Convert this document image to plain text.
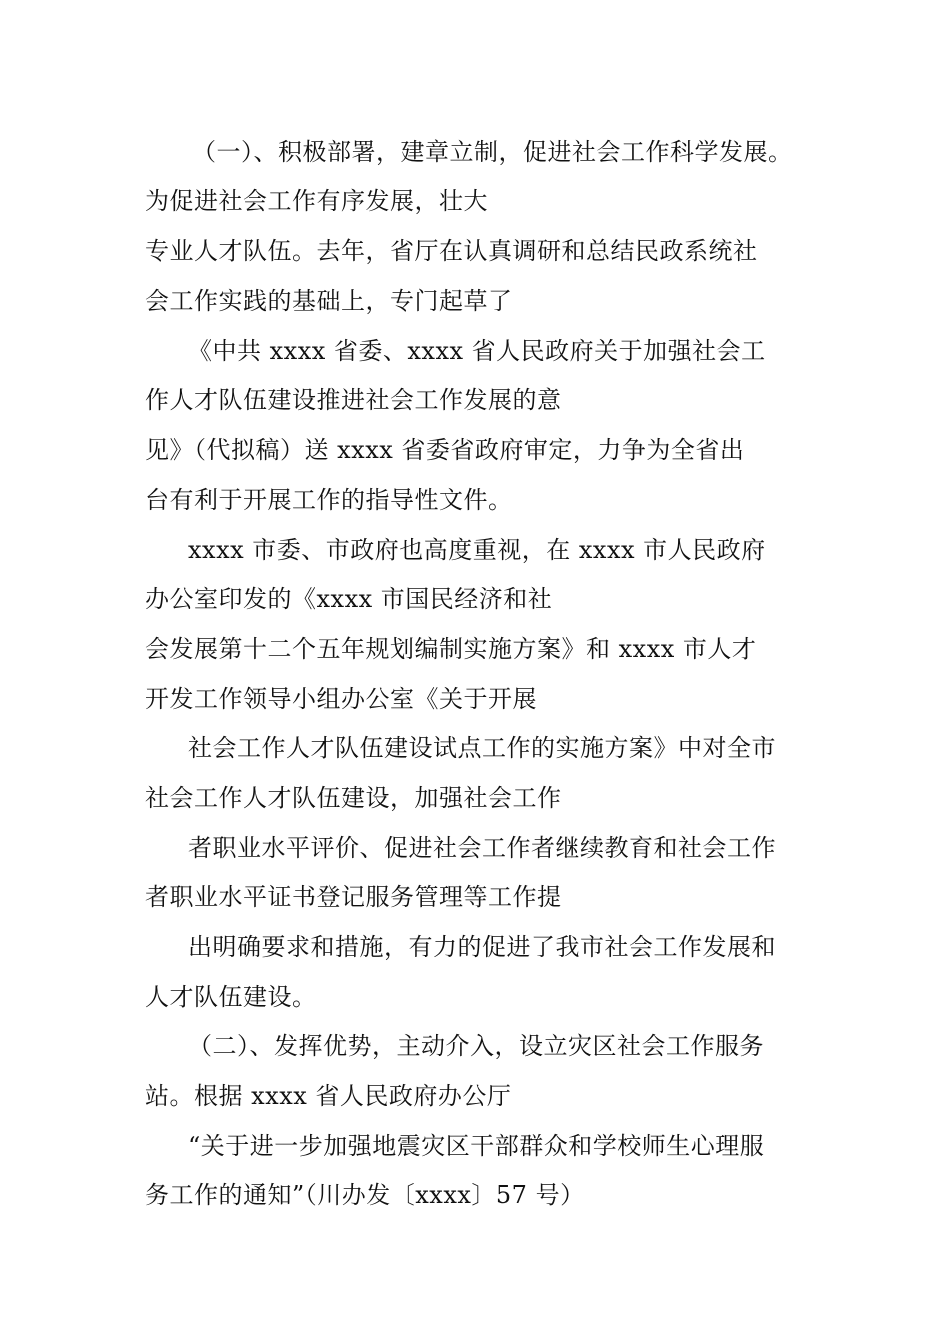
（一）、积极部署，建章立制，促进社会工作科学发展。
为促进社会工作有序发展，壮大
专业人才队伍。去年，省厅在认真调研和总结民政系统社
会工作实践的基础上，专门起草了
《中共 xxxx 省委、xxxx 省人民政府关于加强社会工
作人才队伍建设推进社会工作发展的意
见》（代拟稿）送 xxxx 省委省政府审定，力争为全省出
台有利于开展工作的指导性文件。
xxxx 市委、市政府也高度重视，在 xxxx 市人民政府
办公室印发的《xxxx 市国民经济和社
会发展第十二个五年规划编制实施方案》和 xxxx 市人才
开发工作领导小组办公室《关于开展
社会工作人才队伍建设试点工作的实施方案》中对全市
社会工作人才队伍建设，加强社会工作
者职业水平评价、促进社会工作者继续教育和社会工作
者职业水平证书登记服务管理等工作提
出明确要求和措施，有力的促进了我市社会工作发展和
人才队伍建设。
（二）、发挥优势，主动介入，设立灾区社会工作服务
站。根据 xxxx 省人民政府办公厅
“关于进一步加强地震灾区干部群众和学校师生心理服
务工作的通知”（川办发〔xxxx〕57 号）
